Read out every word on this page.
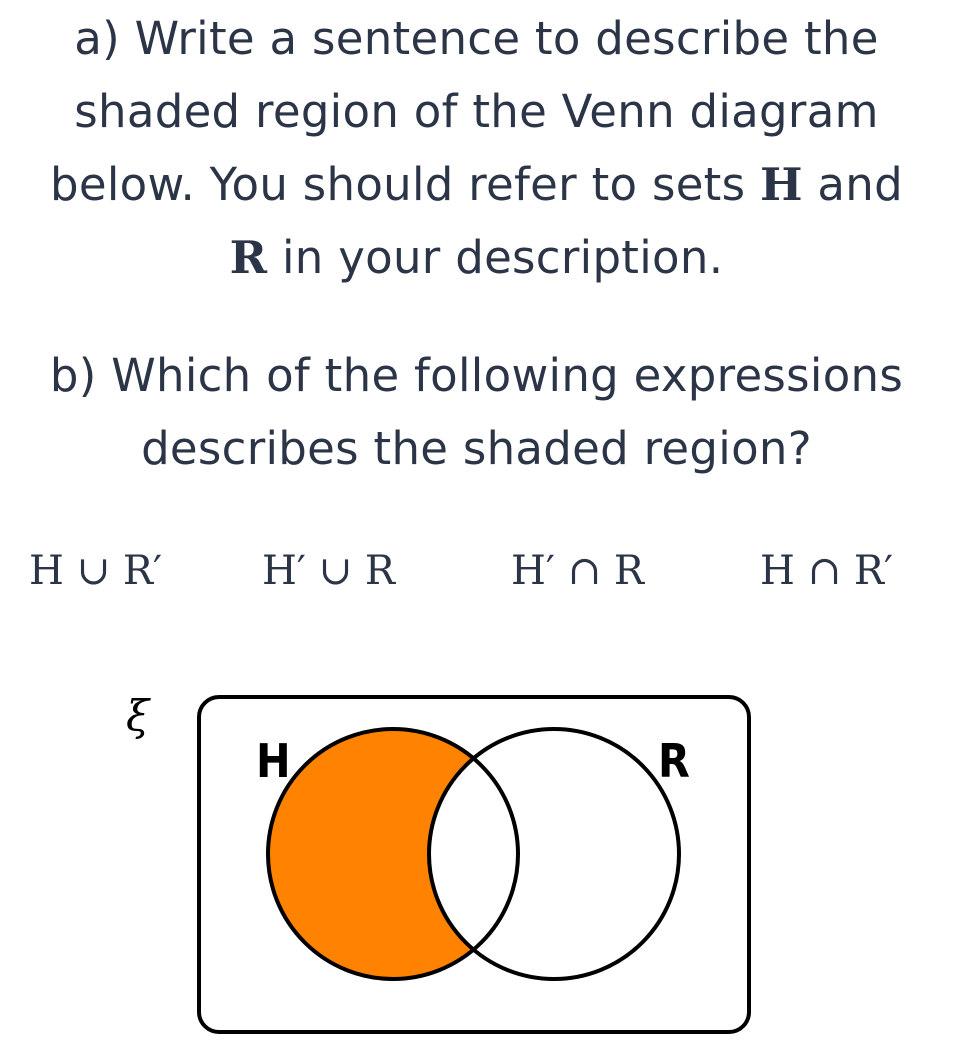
a) Write a sentence to describe the
shaded region of the Venn diagram
below. You should refer to sets H and
R in your description.
b) Which of the following expressions
describes the shaded region?
H ∪ R′ H′ ∪ R	H′ ∩ R	H ∩ R′
ξ
H	R
